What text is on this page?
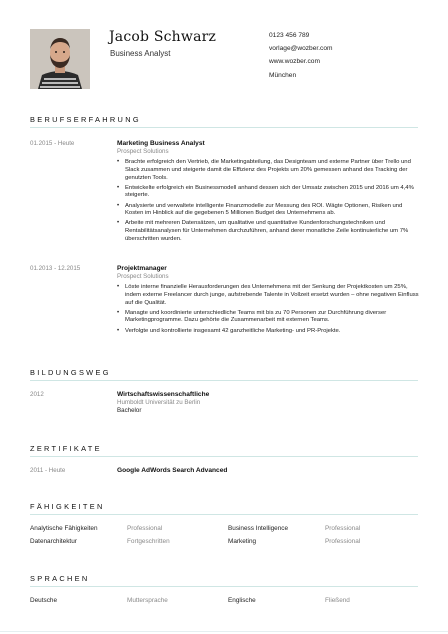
Jacob Schwarz
Business Analyst
0123 456 789
vorlage@wozber.com
www.wozber.com
München
BERUFSERFAHRUNG
01.2015 - Heute	Marketing Business Analyst
Prospect Solutions
• Brachte erfolgreich den Vertrieb, die Marketingabteilung, das Designteam und externe Partner über Trello und Slack zusammen und steigerte damit die Effizienz des Projekts um 20% gemessen anhand des Tracking der genutzten Tools.
• Entwickelte erfolgreich ein Businessmodell anhand dessen sich der Umsatz zwischen 2015 und 2016 um 4,4% steigerte.
• Analysierte und verwaltete intelligente Finanzmodelle zur Messung des ROI. Wägte Optionen, Risiken und Kosten im Hinblick auf die gegebenen 5 Millionen Budget des Unternehmens ab.
• Arbeite mit mehreren Datensätzen, um qualitative und quantitative Kundenforschungstechniken und Rentabilitätsanalysen für Unternehmen durchzuführen, anhand derer monatliche Zeile kontinuierliche um 7% überschritten wurden.
01.2013 - 12.2015	Projektmanager
Prospect Solutions
• Löste interne finanzielle Herausforderungen des Unternehmens mit der Senkung der Projektkosten um 25%, indem externe Freelancer durch junge, aufstrebende Talente in Vollzeit ersetzt wurden – ohne negativen Einfluss auf die Qualität.
• Managte und koordinierte unterschiedliche Teams mit bis zu 70 Personen zur Durchführung diverser Marketingprogramme. Dazu gehörte die Zusammenarbeit mit externen Teams.
• Verfolgte und kontrollierte insgesamt 42 ganzheitliche Marketing- und PR-Projekte.
BILDUNGSWEG
2012	Wirtschaftswissenschaftliche
Humboldt Universität zu Berlin
Bachelor
ZERTIFIKATE
2011 - Heute	Google AdWords Search Advanced
FÄHIGKEITEN
Analytische Fähigkeiten	Professional	Business Intelligence	Professional
Datenarchitektur	Fortgeschritten	Marketing	Professional
SPRACHEN
Deutsche	Muttersprache	Englische	Fließend
